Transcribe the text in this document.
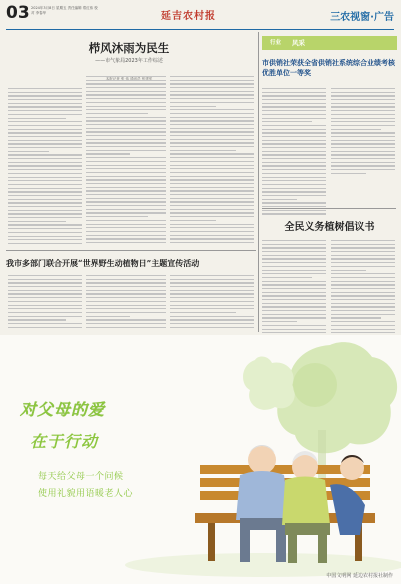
03 2024年3月8日 星期五 责任编辑 郑红伟 校对 李春华	延吉农村报	三农视窗·广告
栉风沐雨为民生
——市气象局2023年工作综述
行业 风采
市供销社荣获全省供销社系统综合业绩考核优胜单位一等奖
全民义务植树倡议书
我市多部门联合开展“世界野生动植物日”主题宣传活动
对父母的爱
在于行动
每天给父母一个问候
使用礼貌用语暖老人心
中国文明网 延边农村报社制作
